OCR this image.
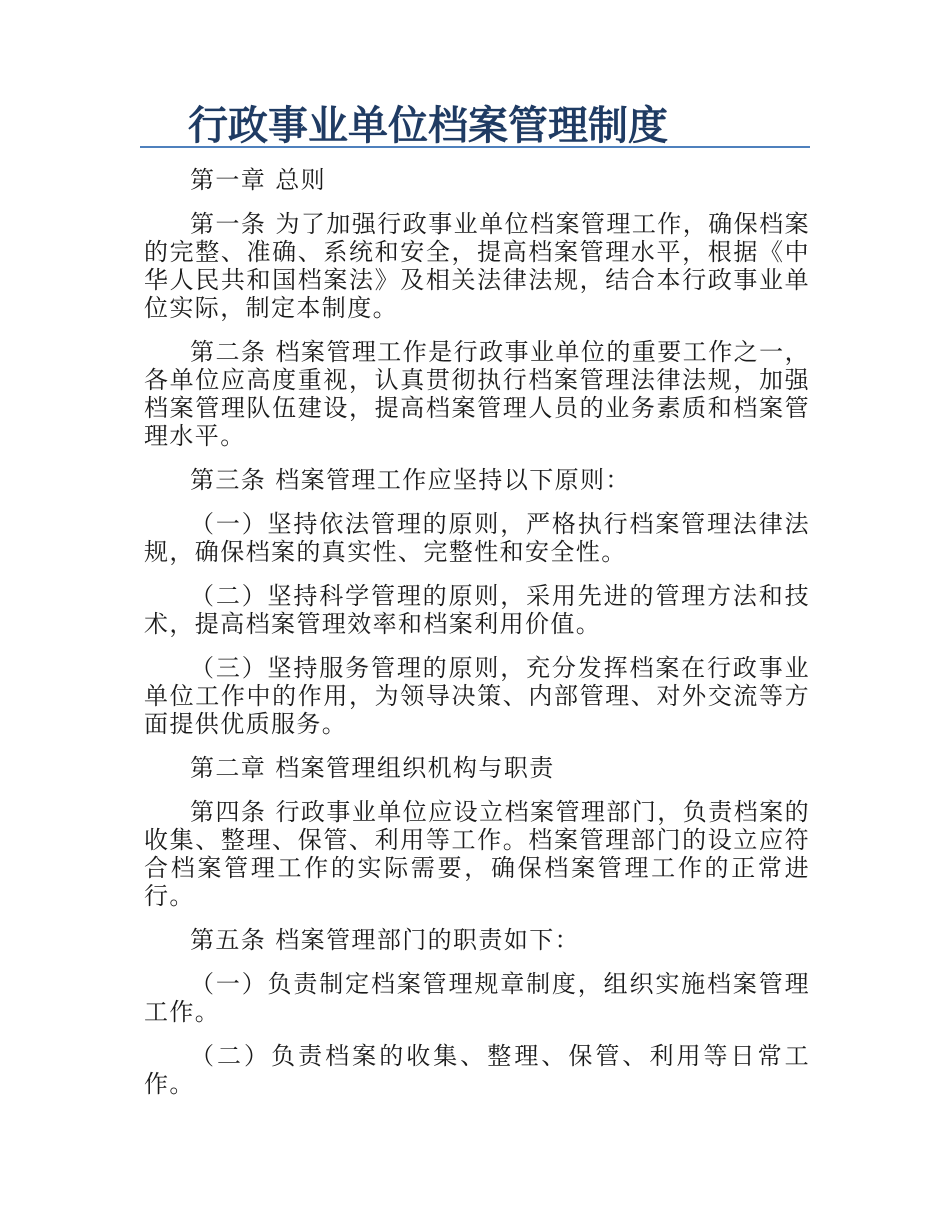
行政事业单位档案管理制度

第一章 总则

第一条 为了加强行政事业单位档案管理工作，确保档案的完整、准确、系统和安全，提高档案管理水平，根据《中华人民共和国档案法》及相关法律法规，结合本行政事业单位实际，制定本制度。

第二条 档案管理工作是行政事业单位的重要工作之一，各单位应高度重视，认真贯彻执行档案管理法律法规，加强档案管理队伍建设，提高档案管理人员的业务素质和档案管理水平。

第三条 档案管理工作应坚持以下原则：

（一）坚持依法管理的原则，严格执行档案管理法律法规，确保档案的真实性、完整性和安全性。

（二）坚持科学管理的原则，采用先进的管理方法和技术，提高档案管理效率和档案利用价值。

（三）坚持服务管理的原则，充分发挥档案在行政事业单位工作中的作用，为领导决策、内部管理、对外交流等方面提供优质服务。

第二章 档案管理组织机构与职责

第四条 行政事业单位应设立档案管理部门，负责档案的收集、整理、保管、利用等工作。档案管理部门的设立应符合档案管理工作的实际需要，确保档案管理工作的正常进行。

第五条 档案管理部门的职责如下：

（一）负责制定档案管理规章制度，组织实施档案管理工作。

（二）负责档案的收集、整理、保管、利用等日常工作。
